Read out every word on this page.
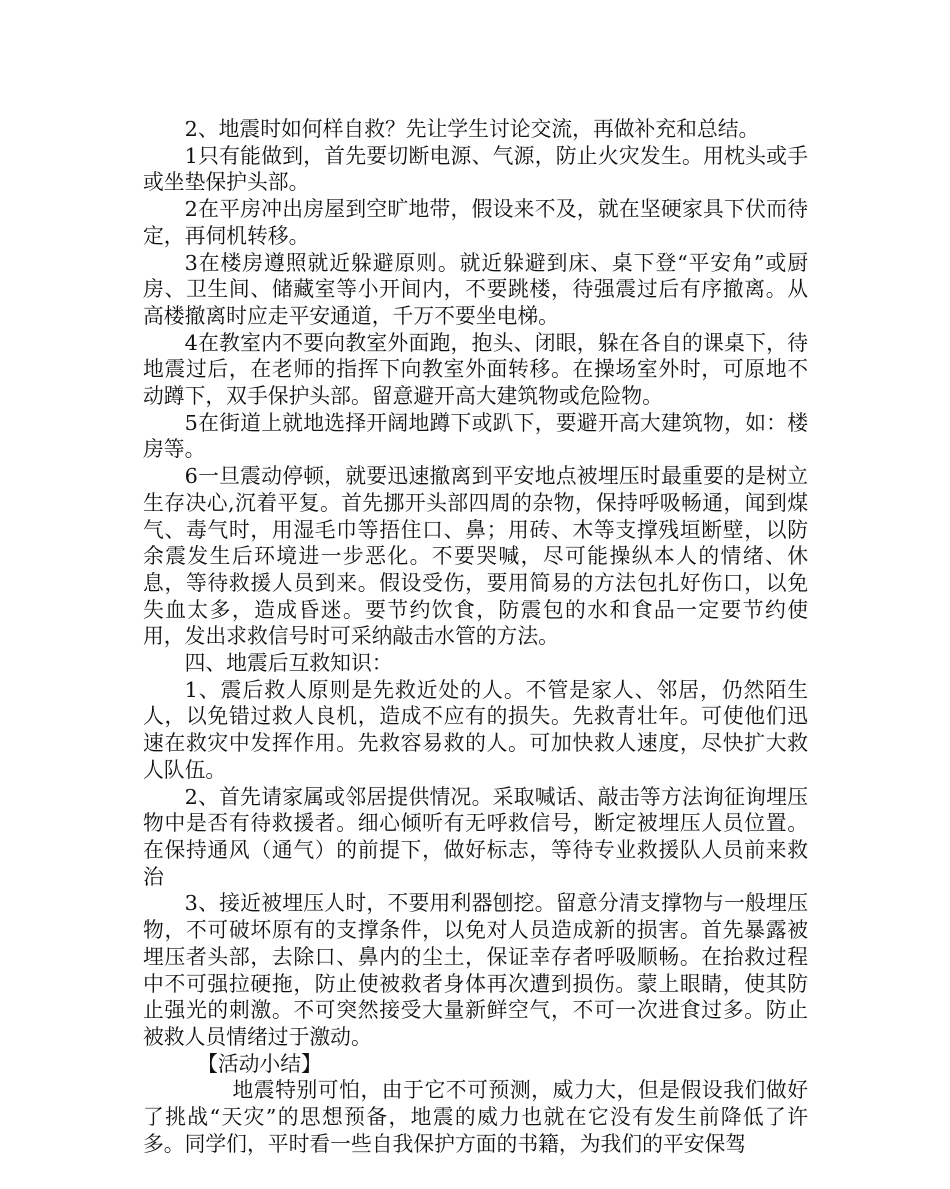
2、地震时如何样自救？先让学生讨论交流，再做补充和总结。

1只有能做到，首先要切断电源、气源，防止火灾发生。用枕头或手或坐垫保护头部。

2在平房冲出房屋到空旷地带，假设来不及，就在坚硬家具下伏而待定，再伺机转移。

3在楼房遵照就近躲避原则。就近躲避到床、桌下登“平安角”或厨房、卫生间、储藏室等小开间内，不要跳楼，待强震过后有序撤离。从高楼撤离时应走平安通道，千万不要坐电梯。

4在教室内不要向教室外面跑，抱头、闭眼，躲在各自的课桌下，待地震过后，在老师的指挥下向教室外面转移。在操场室外时，可原地不动蹲下，双手保护头部。留意避开高大建筑物或危险物。

5在街道上就地选择开阔地蹲下或趴下，要避开高大建筑物，如：楼房等。

6一旦震动停顿，就要迅速撤离到平安地点被埋压时最重要的是树立生存决心,沉着平复。首先挪开头部四周的杂物，保持呼吸畅通，闻到煤气、毒气时，用湿毛巾等捂住口、鼻；用砖、木等支撑残垣断壁，以防余震发生后环境进一步恶化。不要哭喊，尽可能操纵本人的情绪、休息，等待救援人员到来。假设受伤，要用简易的方法包扎好伤口，以免失血太多，造成昏迷。要节约饮食，防震包的水和食品一定要节约使用，发出求救信号时可采纳敲击水管的方法。

四、地震后互救知识：

1、震后救人原则是先救近处的人。不管是家人、邻居，仍然陌生人，以免错过救人良机，造成不应有的损失。先救青壮年。可使他们迅速在救灾中发挥作用。先救容易救的人。可加快救人速度，尽快扩大救人队伍。

2、首先请家属或邻居提供情况。采取喊话、敲击等方法询征询埋压物中是否有待救援者。细心倾听有无呼救信号，断定被埋压人员位置。在保持通风（通气）的前提下，做好标志，等待专业救援队人员前来救治

3、接近被埋压人时，不要用利器刨挖。留意分清支撑物与一般埋压物，不可破坏原有的支撑条件，以免对人员造成新的损害。首先暴露被埋压者头部，去除口、鼻内的尘土，保证幸存者呼吸顺畅。在抬救过程中不可强拉硬拖，防止使被救者身体再次遭到损伤。蒙上眼睛，使其防止强光的刺激。不可突然接受大量新鲜空气，不可一次进食过多。防止被救人员情绪过于激动。

【活动小结】

地震特别可怕，由于它不可预测，威力大，但是假设我们做好了挑战“天灾”的思想预备，地震的威力也就在它没有发生前降低了许多。同学们，平时看一些自我保护方面的书籍，为我们的平安保驾
